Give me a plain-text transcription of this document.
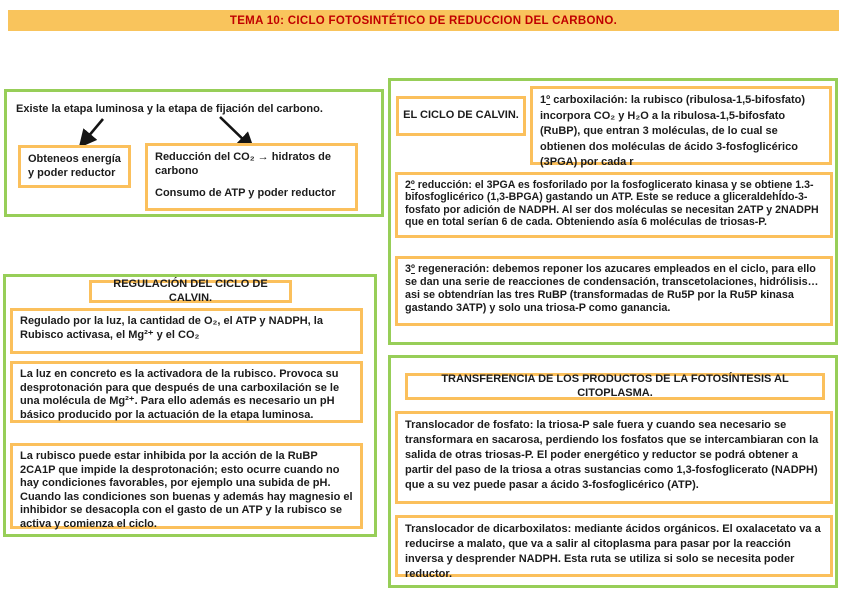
TEMA 10: CICLO FOTOSINTÉTICO DE REDUCCION DEL CARBONO.
Existe la etapa luminosa y la etapa de fijación del carbono.
Obteneos energía y poder reductor
Reducción del CO₂ → hidratos de carbono
Consumo de ATP y poder reductor
REGULACIÓN DEL CICLO DE CALVIN.
Regulado por la luz, la cantidad de O₂, el ATP y NADPH, la Rubisco activasa, el Mg²⁺ y el CO₂
La luz en concreto es la activadora de la rubisco. Provoca su desprotonación para que después de una carboxilación se le una molécula de Mg²⁺. Para ello además es necesario un pH básico producido por la actuación de la etapa luminosa.
La rubisco puede estar inhibida por la acción de la RuBP 2CA1P que impide la desprotonación; esto ocurre cuando no hay condiciones favorables, por ejemplo una subida de pH. Cuando las condiciones son buenas y además hay magnesio el inhibidor se desacopla con el gasto de un ATP y la rubisco se activa y comienza el ciclo.
EL CICLO DE CALVIN.
1º carboxilación: la rubisco (ribulosa-1,5-bifosfato) incorpora CO₂ y H₂O a la ribulosa-1,5-bifosfato (RuBP), que entran 3 moléculas, de lo cual se obtienen dos moléculas de ácido 3-fosfoglicérico (3PGA) por cada r
2º reducción: el 3PGA es fosforilado por la fosfoglicerato kinasa y se obtiene 1.3-bifosfoglicérico (1,3-BPGA) gastando un ATP. Este se reduce a gliceraldehÍdo-3-fosfato por adición de NADPH. Al ser dos moléculas se necesitan 2ATP y 2NADPH que en total serían 6 de cada. Obteniendo asía 6 moléculas de triosas-P.
3º regeneración: debemos reponer los azucares empleados en el ciclo, para ello se dan una serie de reacciones de condensación, transcetolaciones, hidrólisis… asi se obtendrían las tres RuBP (transformadas de Ru5P por la Ru5P kinasa gastando 3ATP) y solo una triosa-P como ganancia.
TRANSFERENCIA DE LOS PRODUCTOS DE LA FOTOSÍNTESIS AL CITOPLASMA.
Translocador de fosfato: la triosa-P sale fuera y cuando sea necesario se transformara en sacarosa, perdiendo los fosfatos que se intercambiaran con la salida de otras triosas-P. El poder energético y reductor se podrá obtener a partir del paso de la triosa a otras sustancias como 1,3-fosfoglicerato (NADPH) que a su vez puede pasar a ácido 3-fosfoglicérico (ATP).
Translocador de dicarboxilatos: mediante ácidos orgánicos. El oxalacetato va a reducirse a malato, que va a salir al citoplasma para pasar por la reacción inversa y desprender NADPH. Esta ruta se utiliza si solo se necesita poder reductor.
